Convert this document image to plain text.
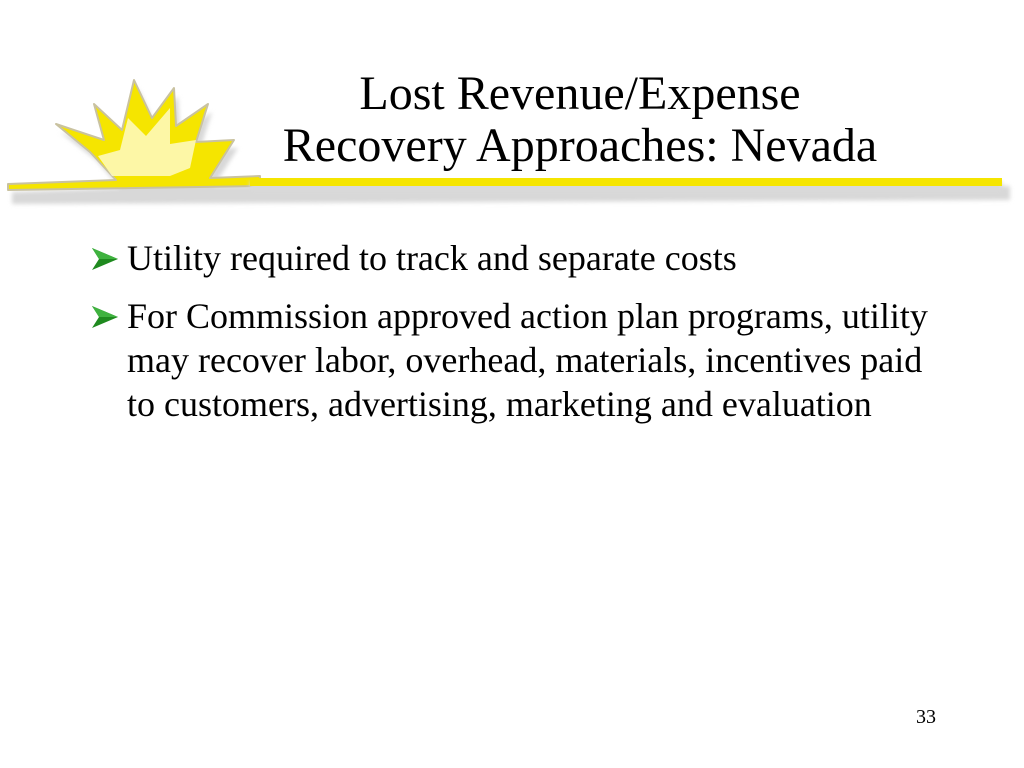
Lost Revenue/Expense
Recovery Approaches: Nevada
Utility required to track and separate costs
For Commission approved action plan programs, utility may recover labor, overhead, materials, incentives paid to customers, advertising, marketing and evaluation
33
